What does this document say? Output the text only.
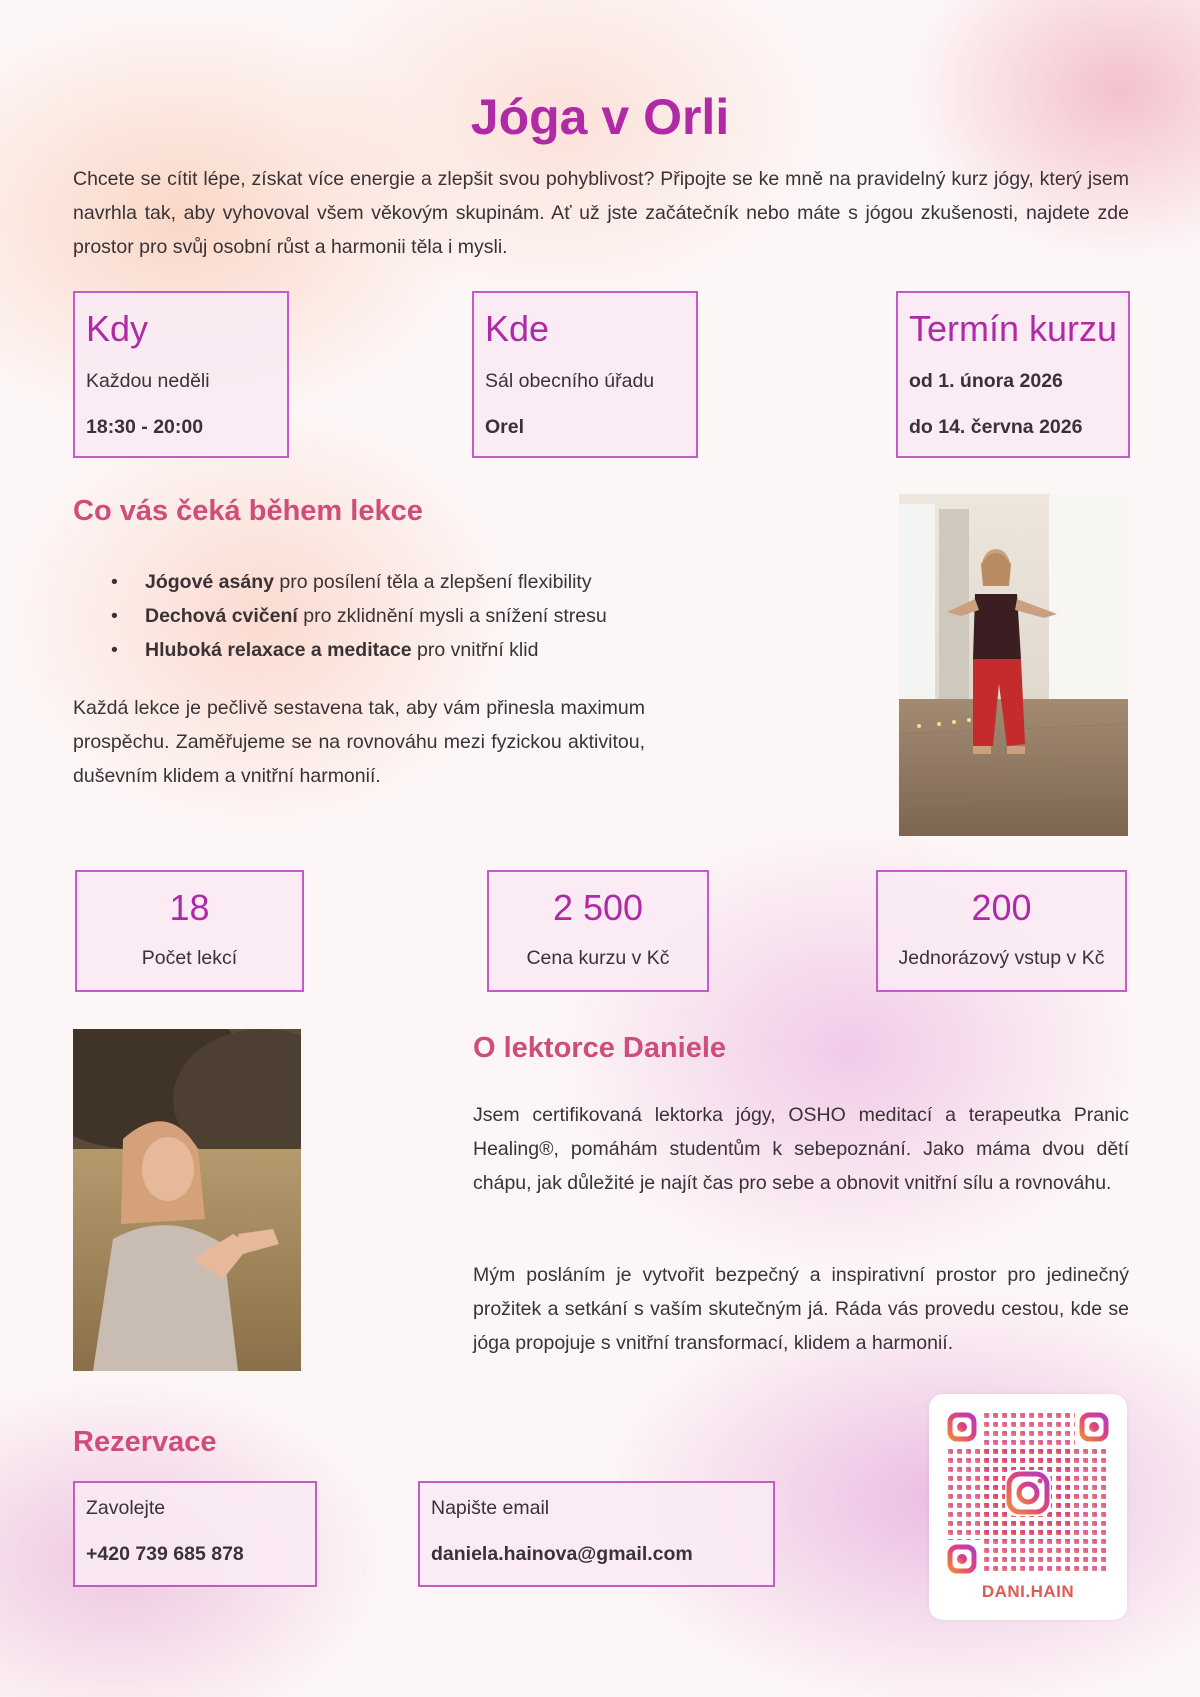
Jóga v Orli

Chcete se cítit lépe, získat více energie a zlepšit svou pohyblivost? Připojte se ke mně na pravidelný kurz jógy, který jsem navrhla tak, aby vyhovoval všem věkovým skupinám. Ať už jste začátečník nebo máte s jógou zkušenosti, najdete zde prostor pro svůj osobní růst a harmonii těla i mysli.

Kdy
Každou neděli
18:30 - 20:00
Kde
Sál obecního úřadu
Orel
Termín kurzu
od 1. února 2026
do 14. června 2026
Co vás čeká během lekce
• Jógové asány pro posílení těla a zlepšení flexibility
• Dechová cvičení pro zklidnění mysli a snížení stresu
• Hluboká relaxace a meditace pro vnitřní klid

Každá lekce je pečlivě sestavena tak, aby vám přinesla maximum prospěchu. Zaměřujeme se na rovnováhu mezi fyzickou aktivitou, duševním klidem a vnitřní harmonií.

18
Počet lekcí
2 500
Cena kurzu v Kč
200
Jednorázový vstup v Kč
O lektorce Daniele

Jsem certifikovaná lektorka jógy, OSHO meditací a terapeutka Pranic Healing®, pomáhám studentům k sebepoznání. Jako máma dvou dětí chápu, jak důležité je najít čas pro sebe a obnovit vnitřní sílu a rovnováhu.

Mým posláním je vytvořit bezpečný a inspirativní prostor pro jedinečný prožitek a setkání s vaším skutečným já. Ráda vás provedu cestou, kde se jóga propojuje s vnitřní transformací, klidem a harmonií.

Rezervace
Zavolejte
+420 739 685 878
Napište email
daniela.hainova@gmail.com
DANI.HAIN
